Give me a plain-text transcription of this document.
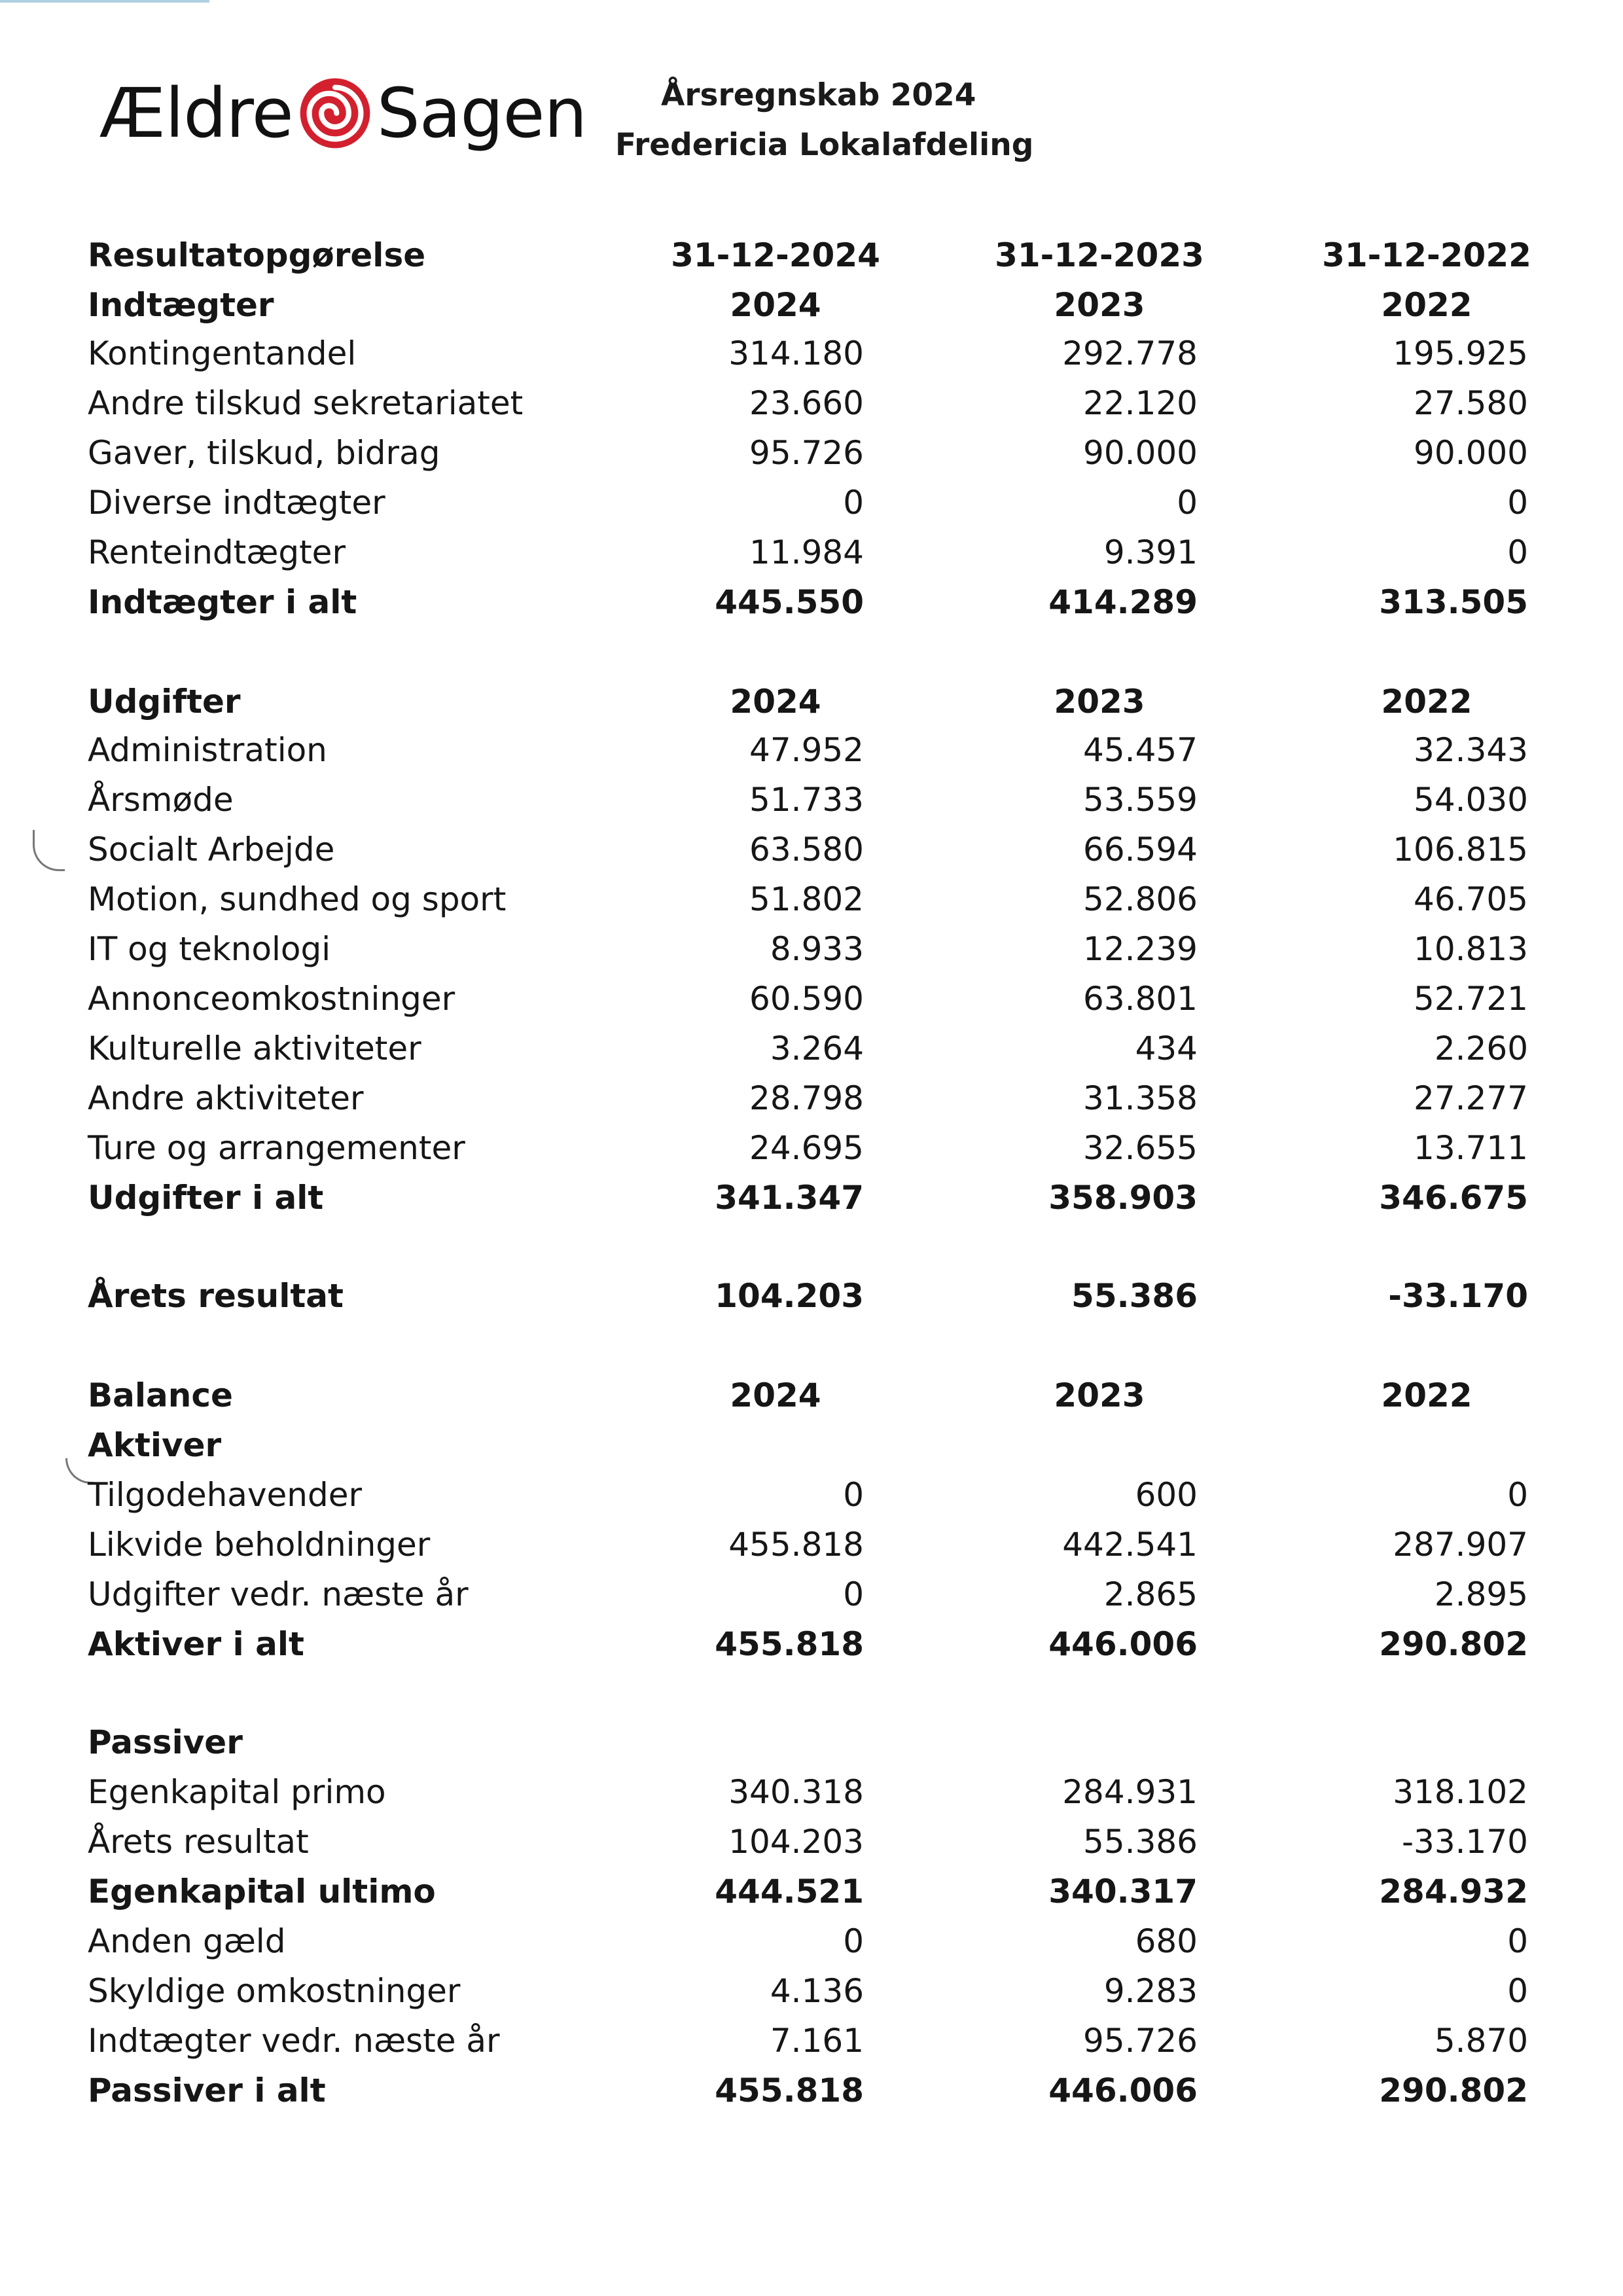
Ældre Sagen Årsregnskab 2024
Fredericia Lokalafdeling
Resultatopgørelse	31-12-2024	31-12-2023	31-12-2022
Indtægter	2024	2023	2022
Kontingentandel	314.180	292.778	195.925
Andre tilskud sekretariatet	23.660	22.120	27.580
Gaver, tilskud, bidrag	95.726	90.000	90.000
Diverse indtægter	0	0	0
Renteindtægter	11.984	9.391	0
Indtægter i alt	445.550	414.289	313.505
Udgifter	2024	2023	2022
Administration	47.952	45.457	32.343
Årsmøde	51.733	53.559	54.030
Socialt Arbejde	63.580	66.594	106.815
Motion, sundhed og sport	51.802	52.806	46.705
IT og teknologi	8.933	12.239	10.813
Annonceomkostninger	60.590	63.801	52.721
Kulturelle aktiviteter	3.264	434	2.260
Andre aktiviteter	28.798	31.358	27.277
Ture og arrangementer	24.695	32.655	13.711
Udgifter i alt	341.347	358.903	346.675
Årets resultat	104.203	55.386	-33.170
Balance	2024	2023	2022
Aktiver
Tilgodehavender	0	600	0
Likvide beholdninger	455.818	442.541	287.907
Udgifter vedr. næste år	0	2.865	2.895
Aktiver i alt	455.818	446.006	290.802
Passiver
Egenkapital primo	340.318	284.931	318.102
Årets resultat	104.203	55.386	-33.170
Egenkapital ultimo	444.521	340.317	284.932
Anden gæld	0	680	0
Skyldige omkostninger	4.136	9.283	0
Indtægter vedr. næste år	7.161	95.726	5.870
Passiver i alt	455.818	446.006	290.802
